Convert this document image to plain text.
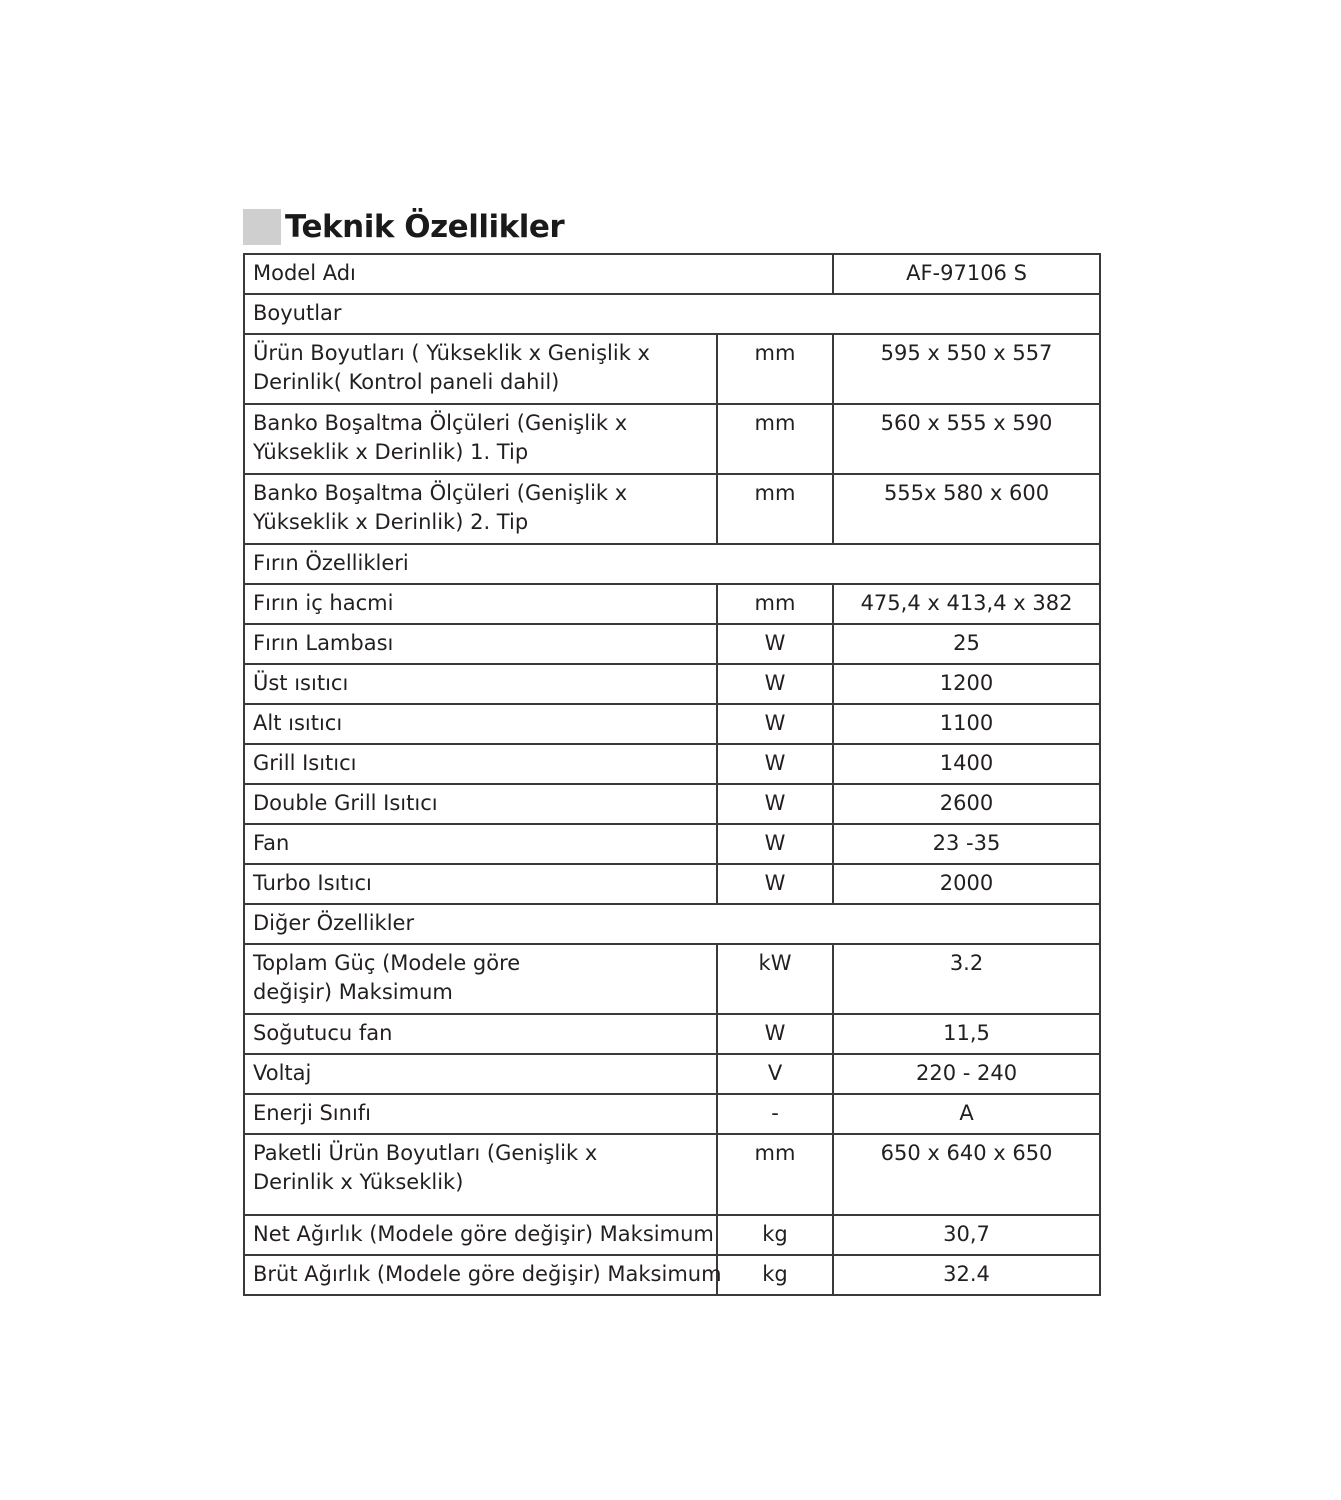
Teknik Özellikler
Model Adı		AF-97106 S
Boyutlar		
Ürün Boyutları ( Yükseklik x Genişlik x
Derinlik( Kontrol paneli dahil)	mm	595 x 550 x 557
Banko Boşaltma Ölçüleri (Genişlik x
Yükseklik x Derinlik) 1. Tip	mm	560 x 555 x 590
Banko Boşaltma Ölçüleri (Genişlik x
Yükseklik x Derinlik) 2. Tip	mm	555x 580 x 600
Fırın Özellikleri		
Fırın iç hacmi	mm	475,4 x 413,4 x 382
Fırın Lambası	W	25
Üst ısıtıcı	W	1200
Alt ısıtıcı	W	1100
Grill Isıtıcı	W	1400
Double Grill Isıtıcı	W	2600
Fan	W	23 -35
Turbo Isıtıcı	W	2000
Diğer Özellikler		
Toplam Güç (Modele göre
değişir) Maksimum	kW	3.2
Soğutucu fan	W	11,5
Voltaj	V	220 - 240
Enerji Sınıfı	-	A
Paketli Ürün Boyutları (Genişlik x
Derinlik x Yükseklik)	mm	650 x 640 x 650
Net Ağırlık (Modele göre değişir) Maksimum	kg	30,7
Brüt Ağırlık (Modele göre değişir) Maksimum	kg	32.4
